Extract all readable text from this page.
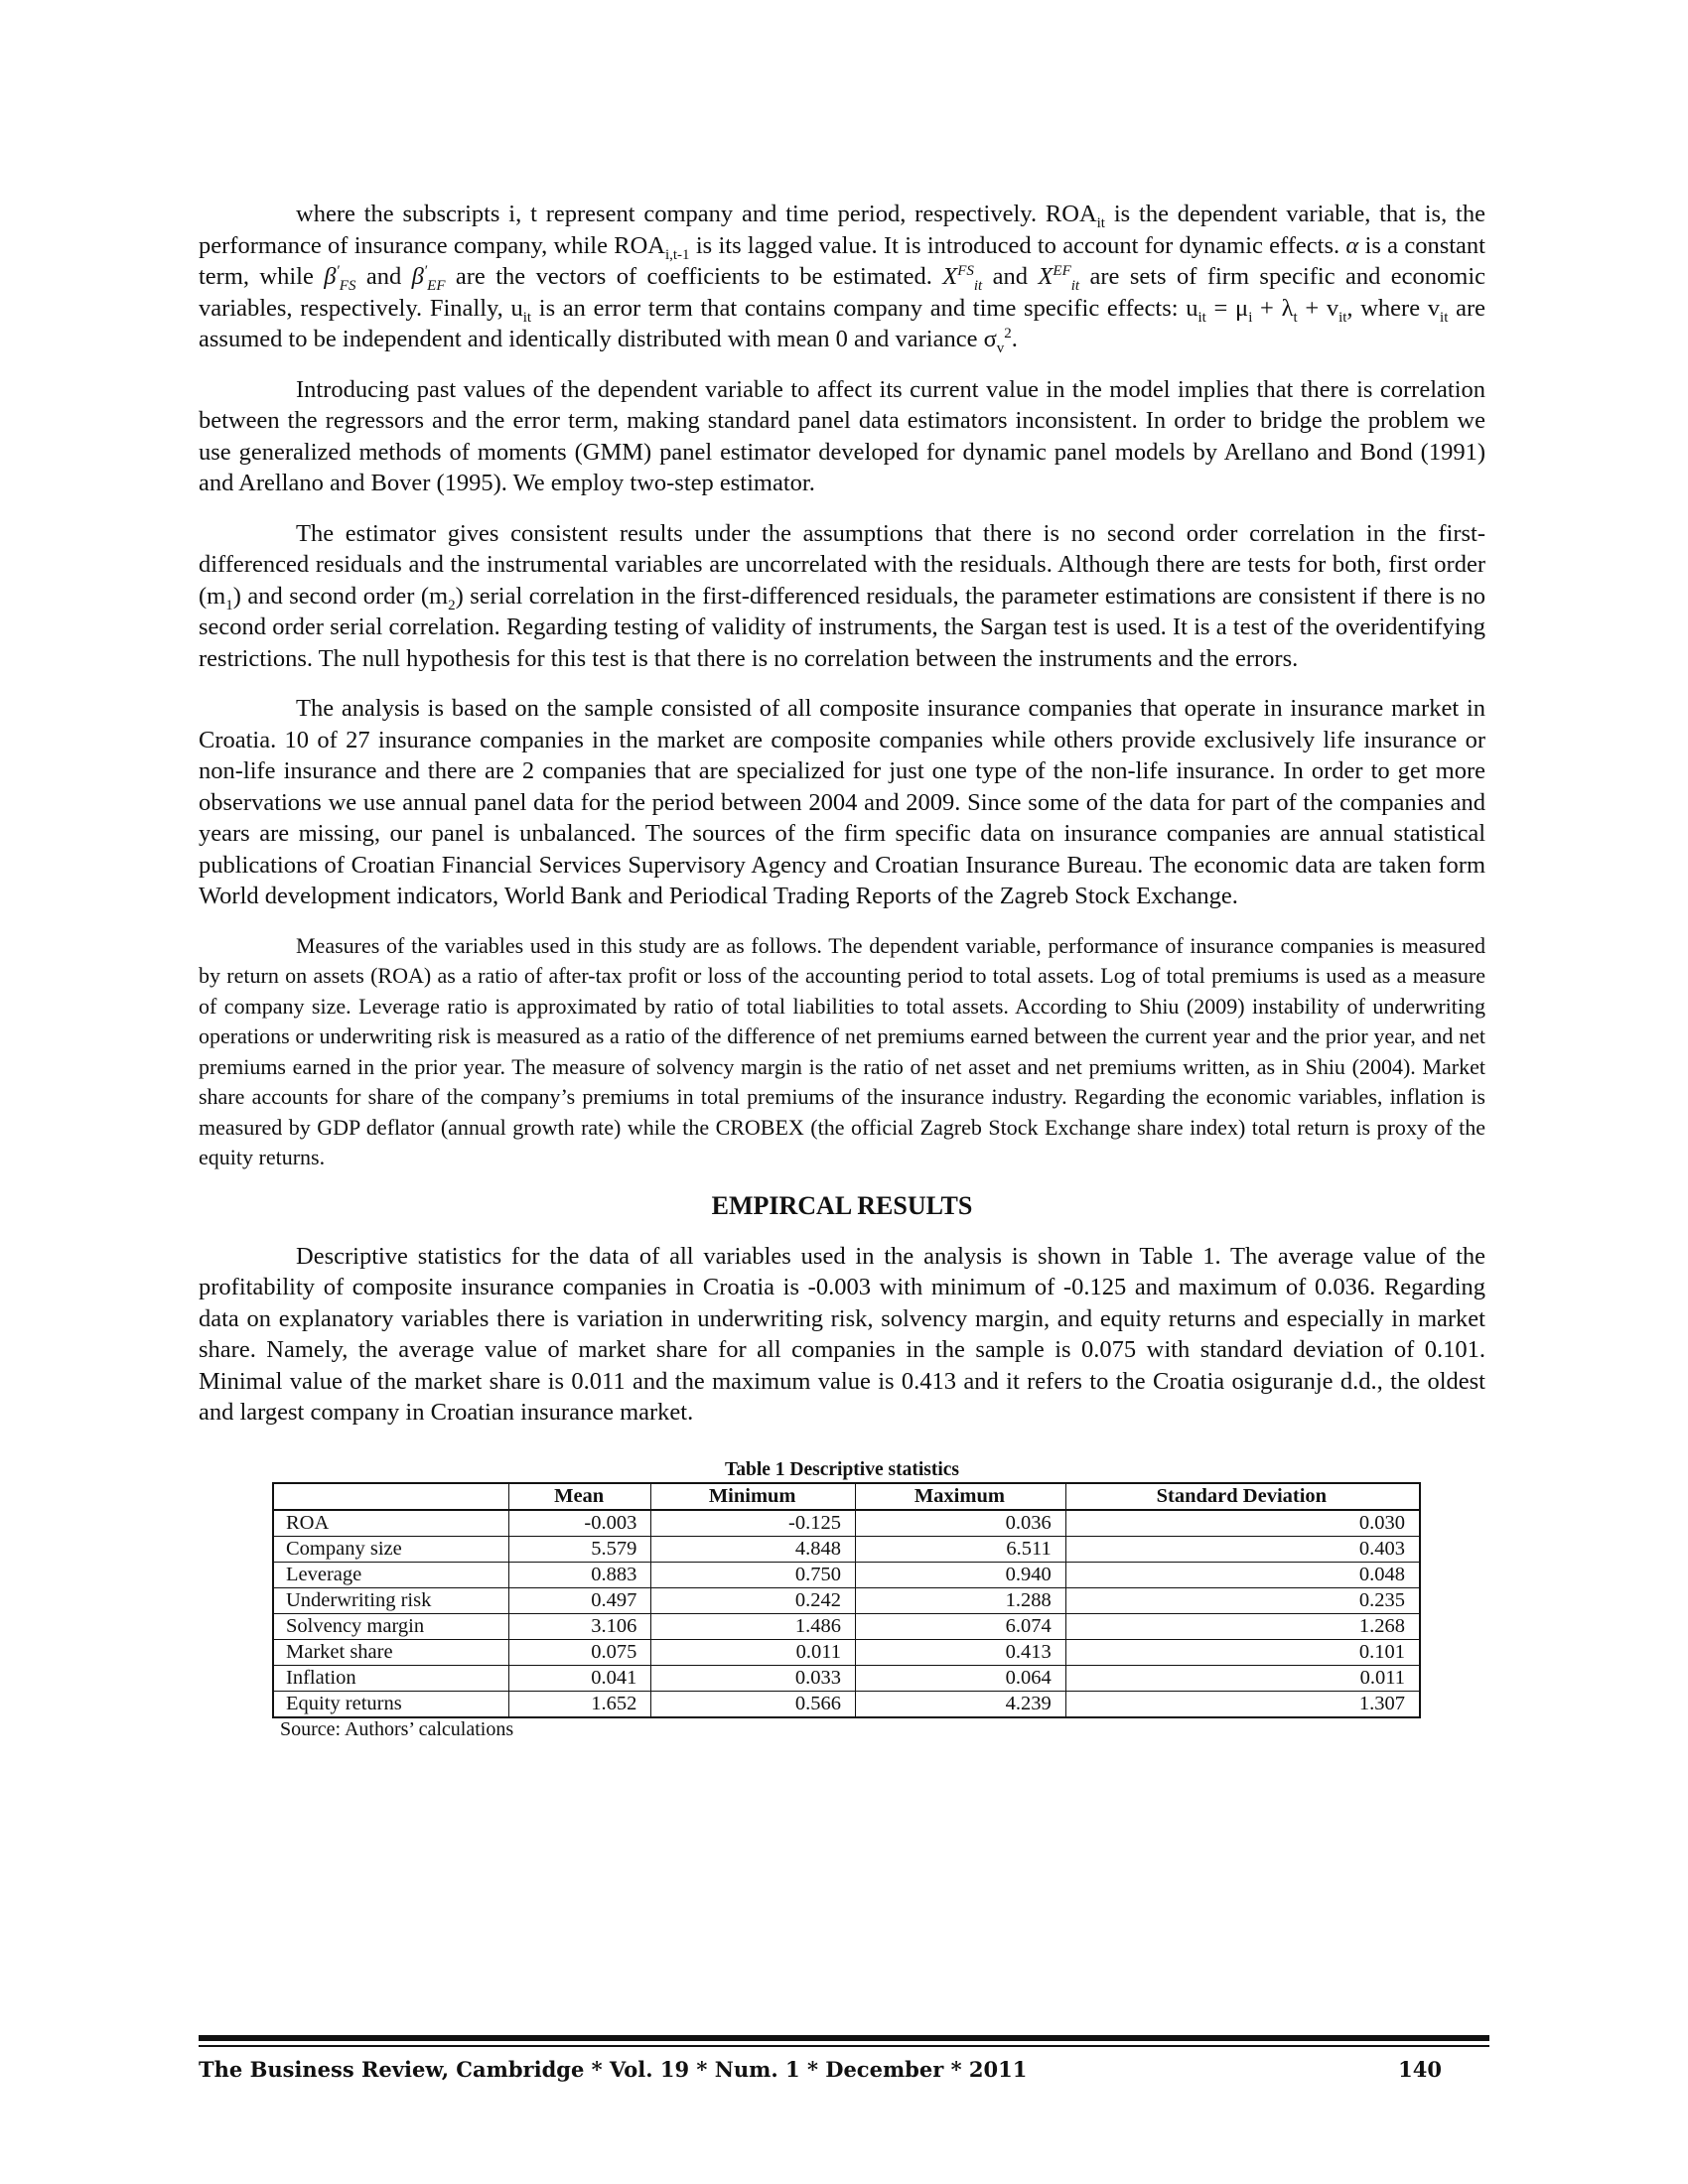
where the subscripts i, t represent company and time period, respectively. $ROA_{it}$ is the dependent variable, that is, the performance of insurance company, while $ROA_{i,t-1}$ is its lagged value. It is introduced to account for dynamic effects. α is a constant term, while $\beta'_{FS}$ and $\beta'_{EF}$ are the vectors of coefficients to be estimated. $X^{FS}_{it}$ and $X^{EF}_{it}$ are sets of firm specific and economic variables, respectively. Finally, $u_{it}$ is an error term that contains company and time specific effects: $u_{it} = \mu_i + \lambda_t + v_{it}$, where $v_{it}$ are assumed to be independent and identically distributed with mean 0 and variance $\sigma_v^2$.

Introducing past values of the dependent variable to affect its current value in the model implies that there is correlation between the regressors and the error term, making standard panel data estimators inconsistent. In order to bridge the problem we use generalized methods of moments (GMM) panel estimator developed for dynamic panel models by Arellano and Bond (1991) and Arellano and Bover (1995). We employ two-step estimator.

The estimator gives consistent results under the assumptions that there is no second order correlation in the first-differenced residuals and the instrumental variables are uncorrelated with the residuals. Although there are tests for both, first order $(m_1)$ and second order $(m_2)$ serial correlation in the first-differenced residuals, the parameter estimations are consistent if there is no second order serial correlation. Regarding testing of validity of instruments, the Sargan test is used. It is a test of the overidentifying restrictions. The null hypothesis for this test is that there is no correlation between the instruments and the errors.

The analysis is based on the sample consisted of all composite insurance companies that operate in insurance market in Croatia. 10 of 27 insurance companies in the market are composite companies while others provide exclusively life insurance or non-life insurance and there are 2 companies that are specialized for just one type of the non-life insurance. In order to get more observations we use annual panel data for the period between 2004 and 2009. Since some of the data for part of the companies and years are missing, our panel is unbalanced. The sources of the firm specific data on insurance companies are annual statistical publications of Croatian Financial Services Supervisory Agency and Croatian Insurance Bureau. The economic data are taken form World development indicators, World Bank and Periodical Trading Reports of the Zagreb Stock Exchange.

Measures of the variables used in this study are as follows. The dependent variable, performance of insurance companies is measured by return on assets (ROA) as a ratio of after-tax profit or loss of the accounting period to total assets. Log of total premiums is used as a measure of company size. Leverage ratio is approximated by ratio of total liabilities to total assets. According to Shiu (2009) instability of underwriting operations or underwriting risk is measured as a ratio of the difference of net premiums earned between the current year and the prior year, and net premiums earned in the prior year. The measure of solvency margin is the ratio of net asset and net premiums written, as in Shiu (2004). Market share accounts for share of the company’s premiums in total premiums of the insurance industry. Regarding the economic variables, inflation is measured by GDP deflator (annual growth rate) while the CROBEX (the official Zagreb Stock Exchange share index) total return is proxy of the equity returns.

EMPIRCAL RESULTS

Descriptive statistics for the data of all variables used in the analysis is shown in Table 1. The average value of the profitability of composite insurance companies in Croatia is -0.003 with minimum of -0.125 and maximum of 0.036. Regarding data on explanatory variables there is variation in underwriting risk, solvency margin, and equity returns and especially in market share. Namely, the average value of market share for all companies in the sample is 0.075 with standard deviation of 0.101. Minimal value of the market share is 0.011 and the maximum value is 0.413 and it refers to the Croatia osiguranje d.d., the oldest and largest company in Croatian insurance market.

Table 1 Descriptive statistics
	Mean	Minimum	Maximum	Standard Deviation
ROA	-0.003	-0.125	0.036	0.030
Company size	5.579	4.848	6.511	0.403
Leverage	0.883	0.750	0.940	0.048
Underwriting risk	0.497	0.242	1.288	0.235
Solvency margin	3.106	1.486	6.074	1.268
Market share	0.075	0.011	0.413	0.101
Inflation	0.041	0.033	0.064	0.011
Equity returns	1.652	0.566	4.239	1.307
Source: Authors’ calculations
The Business Review, Cambridge * Vol. 19 * Num. 1 * December * 2011	140
